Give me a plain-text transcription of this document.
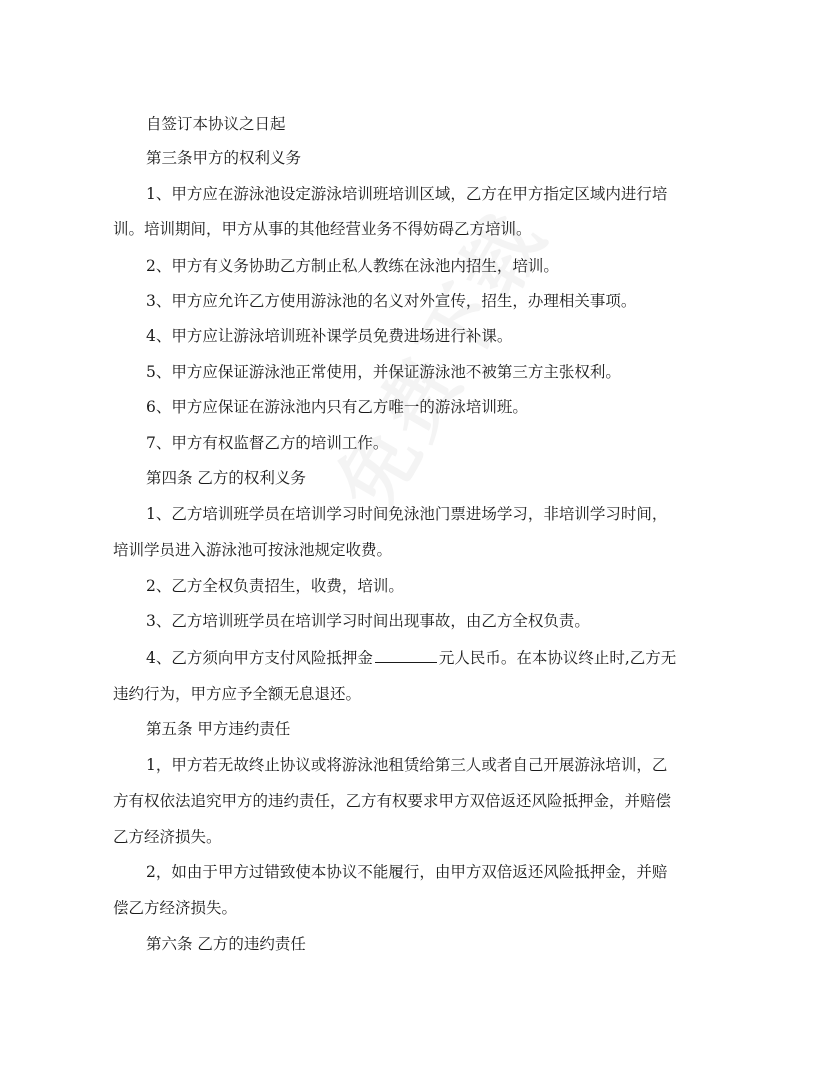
自签订本协议之日起
第三条甲方的权利义务
1、甲方应在游泳池设定游泳培训班培训区域，乙方在甲方指定区域内进行培
训。培训期间，甲方从事的其他经营业务不得妨碍乙方培训。
2、甲方有义务协助乙方制止私人教练在泳池内招生，培训。
3、甲方应允许乙方使用游泳池的名义对外宣传，招生，办理相关事项。
4、甲方应让游泳培训班补课学员免费进场进行补课。
5、甲方应保证游泳池正常使用，并保证游泳池不被第三方主张权利。
6、甲方应保证在游泳池内只有乙方唯一的游泳培训班。
7、甲方有权监督乙方的培训工作。
第四条 乙方的权利义务
1、乙方培训班学员在培训学习时间免泳池门票进场学习，非培训学习时间，
培训学员进入游泳池可按泳池规定收费。
2、乙方全权负责招生，收费，培训。
3、乙方培训班学员在培训学习时间出现事故，由乙方全权负责。
4、乙方须向甲方支付风险抵押金	元人民币。在本协议终止时,乙方无
违约行为，甲方应予全额无息退还。
第五条 甲方违约责任
1，甲方若无故终止协议或将游泳池租赁给第三人或者自己开展游泳培训，乙
方有权依法追究甲方的违约责任，乙方有权要求甲方双倍返还风险抵押金，并赔偿
乙方经济损失。
2，如由于甲方过错致使本协议不能履行，由甲方双倍返还风险抵押金，并赔
偿乙方经济损失。
第六条 乙方的违约责任
